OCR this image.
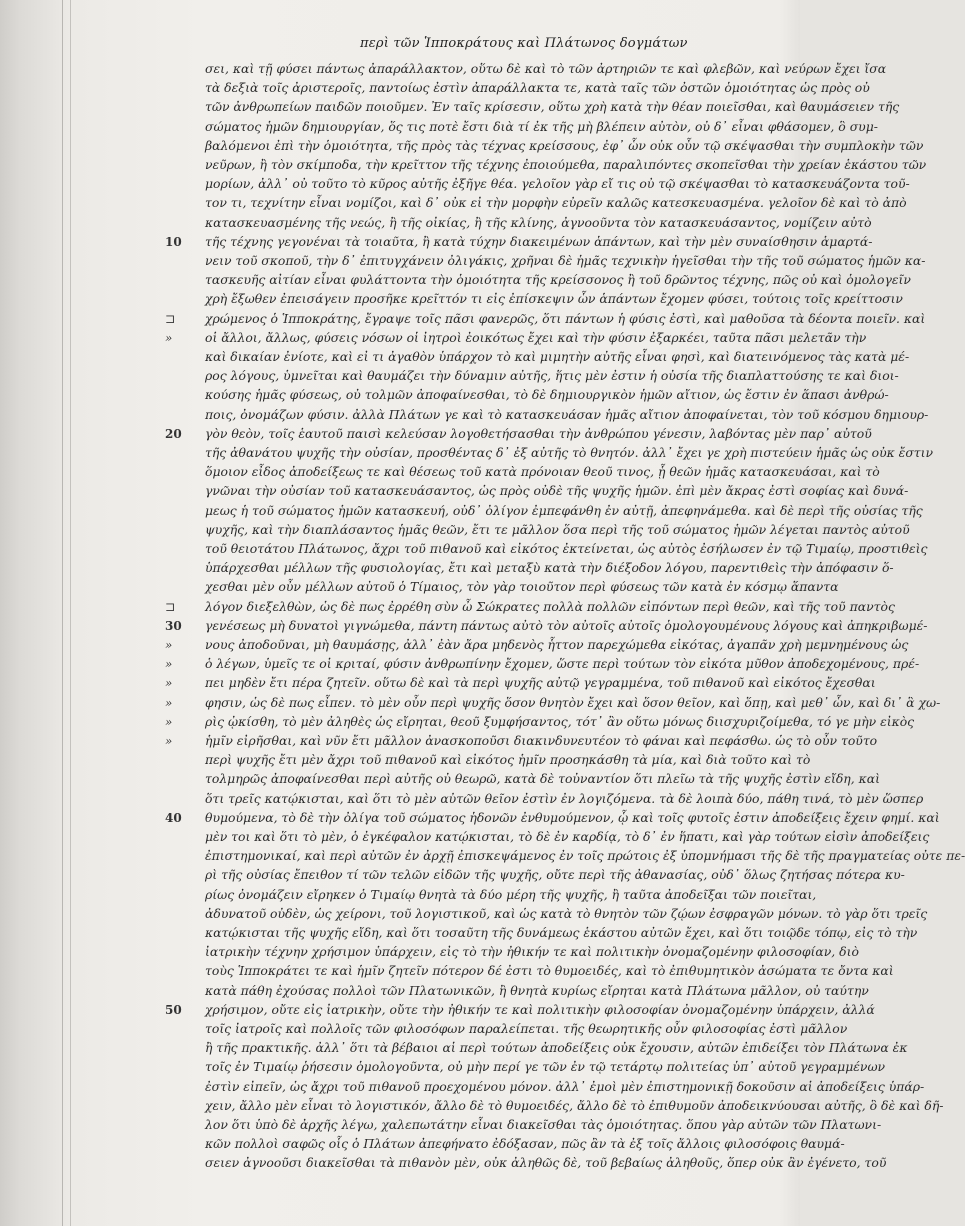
περὶ τῶν Ἱπποκράτους καὶ Πλάτωνος δογμάτων
σει, καὶ τῇ φύσει πάντως ἀπαράλλακτον, οὕτω δὲ καὶ τὸ τῶν ἀρτηριῶν τε καὶ φλεβῶν, καὶ νεύρων ἔχει ἴσα
τὰ δεξιὰ τοῖς ἀριστεροῖς, παντοίως ἐστὶν ἀπαράλλακτα τε, κατὰ ταῖς τῶν ὀστῶν ὁμοιότητας ὡς πρὸς οὐ
τῶν ἀνθρωπείων παιδῶν ποιοῦμεν. Ἐν ταῖς κρίσεσιν, οὕτω χρὴ κατὰ τὴν θέαν ποιεῖσθαι, καὶ θαυμάσειεν τῆς
σώματος ἡμῶν δημιουργίαν, ὅς τις ποτὲ ἔστι διὰ τί ἐκ τῆς μὴ βλέπειν αὐτὸν, οὐ δ᾽ εἶναι φθάσομεν, ὃ συμ-
βαλόμενοι ἐπὶ τὴν ὁμοιότητα, τῆς πρὸς τὰς τέχνας κρείσσους, ἐφ᾽ ὧν οὐκ οὖν τῷ σκέψασθαι τὴν συμπλοκὴν τῶν
νεῦρων, ἢ τὸν σκίμποδα, τὴν κρεῖττον τῆς τέχνης ἐποιούμεθα, παραλιπόντες σκοπεῖσθαι τὴν χρείαν ἑκάστου τῶν
μορίων, ἀλλ᾽ οὐ τοῦτο τὸ κῦρος αὐτῆς ἐξῆγε θέα. γελοῖον γὰρ εἴ τις οὐ τῷ σκέψασθαι τὸ κατασκευάζοντα τοῦ-
τον τι, τεχνίτην εἶναι νομίζοι, καὶ δ᾽ οὐκ εἰ τὴν μορφὴν εὐρεῖν καλῶς κατεσκευασμένα. γελοῖον δὲ καὶ τὸ ἀπὸ
κατασκευασμένης τῆς νεώς, ἢ τῆς οἰκίας, ἢ τῆς κλίνης, ἀγνοοῦντα τὸν κατασκευάσαντος, νομίζειν αὐτὸ
τῆς τέχνης γεγονέναι τὰ τοιαῦτα, ἢ κατὰ τύχην διακειμένων ἁπάντων, καὶ τὴν μὲν συναίσθησιν ἁμαρτά-
νειν τοῦ σκοποῦ, τὴν δ᾽ ἐπιτυγχάνειν ὀλιγάκις, χρῆναι δὲ ἡμᾶς τεχνικὴν ἡγεῖσθαι τὴν τῆς τοῦ σώματος ἡμῶν κα-
τασκευῆς αἰτίαν εἶναι φυλάττοντα τὴν ὁμοιότητα τῆς κρείσσονος ἢ τοῦ δρῶντος τέχνης, πῶς οὐ καὶ ὁμολογεῖν
χρὴ ἔξωθεν ἐπεισάγειν προσῆκε κρεῖττόν τι εἰς ἐπίσκεψιν ὧν ἁπάντων ἔχομεν φύσει, τούτοις τοῖς κρείττοσιν
χρώμενος ὁ Ἱπποκράτης, ἔγραψε τοῖς πᾶσι φανερῶς, ὅτι πάντων ἡ φύσις ἐστὶ, καὶ μαθοῦσα τὰ δέοντα ποιεῖν. καὶ
οἱ ἄλλοι, ἄλλως, φύσεις νόσων οἱ ἰητροὶ ἐοικότως ἔχει καὶ τὴν φύσιν ἐξαρκέει, ταῦτα πᾶσι μελετᾶν τὴν
καὶ δικαίαν ἐνίοτε, καὶ εἰ τι ἀγαθὸν ὑπάρχον τὸ καὶ μιμητὴν αὐτῆς εἶναι φησὶ, καὶ διατεινόμενος τὰς κατὰ μέ-
ρος λόγους, ὑμνεῖται καὶ θαυμάζει τὴν δύναμιν αὐτῆς, ἥτις μὲν ἐστιν ἡ οὐσία τῆς διαπλαττούσης τε καὶ διοι-
κούσης ἡμᾶς φύσεως, οὐ τολμῶν ἀποφαίνεσθαι, τὸ δὲ δημιουργικὸν ἡμῶν αἴτιον, ὡς ἔστιν ἐν ἅπασι ἀνθρώ-
ποις, ὀνομάζων φύσιν. ἀλλὰ Πλάτων γε καὶ τὸ κατασκευάσαν ἡμᾶς αἴτιον ἀποφαίνεται, τὸν τοῦ κόσμου δημιουρ-
γὸν θεὸν, τοῖς ἑαυτοῦ παισὶ κελεύσαν λογοθετήσασθαι τὴν ἀνθρώπου γένεσιν, λαβόντας μὲν παρ᾽ αὐτοῦ
τῆς ἀθανάτου ψυχῆς τὴν οὐσίαν, προσθέντας δ᾽ ἐξ αὐτῆς τὸ θνητόν. ἀλλ᾽ ἔχει γε χρὴ πιστεύειν ἡμᾶς ὡς οὐκ ἔστιν
ὅμοιον εἶδος ἀποδείξεως τε καὶ θέσεως τοῦ κατὰ πρόνοιαν θεοῦ τινος, ᾗ θεῶν ἡμᾶς κατασκευάσαι, καὶ τὸ
γνῶναι τὴν οὐσίαν τοῦ κατασκευάσαντος, ὡς πρὸς οὐδὲ τῆς ψυχῆς ἡμῶν. ἐπὶ μὲν ἄκρας ἐστὶ σοφίας καὶ δυνά-
μεως ἡ τοῦ σώματος ἡμῶν κατασκευή, οὐδ᾽ ὀλίγον ἐμπεφάνθη ἐν αὐτῇ, ἀπεφηνάμεθα. καὶ δὲ περὶ τῆς οὐσίας τῆς
ψυχῆς, καὶ τὴν διαπλάσαντος ἡμᾶς θεῶν, ἔτι τε μᾶλλον ὅσα περὶ τῆς τοῦ σώματος ἡμῶν λέγεται παντὸς αὐτοῦ
τοῦ θειοτάτου Πλάτωνος, ἄχρι τοῦ πιθανοῦ καὶ εἰκότος ἐκτείνεται, ὡς αὐτὸς ἐσήλωσεν ἐν τῷ Τιμαίῳ, προστιθεὶς
ὑπάρχεσθαι μέλλων τῆς φυσιολογίας, ἔτι καὶ μεταξὺ κατὰ τὴν διέξοδον λόγου, παρεντιθεὶς τὴν ἀπόφασιν ὅ-
χεσθαι μὲν οὖν μέλλων αὐτοῦ ὁ Τίμαιος, τὸν γὰρ τοιοῦτον περὶ φύσεως τῶν κατὰ ἐν κόσμῳ ἅπαντα
λόγον διεξελθὼν, ὡς δὲ πως ἐρρέθη σὺν ὦ Σώκρατες πολλὰ πολλῶν εἰπόντων περὶ θεῶν, καὶ τῆς τοῦ παντὸς
γενέσεως μὴ δυνατοὶ γιγνώμεθα, πάντη πάντως αὐτὸ τὸν αὐτοῖς αὐτοῖς ὁμολογουμένους λόγους καὶ ἀπηκριβωμέ-
νους ἀποδοῦναι, μὴ θαυμάσῃς, ἀλλ᾽ ἐὰν ἄρα μηδενὸς ἧττον παρεχώμεθα εἰκότας, ἀγαπᾶν χρὴ μεμνημένους ὡς
ὁ λέγων, ὑμεῖς τε οἱ κριταί, φύσιν ἀνθρωπίνην ἔχομεν, ὥστε περὶ τούτων τὸν εἰκότα μῦθον ἀποδεχομένους, πρέ-
πει μηδὲν ἔτι πέρα ζητεῖν. οὕτω δὲ καὶ τὰ περὶ ψυχῆς αὐτῷ γεγραμμένα, τοῦ πιθανοῦ καὶ εἰκότος ἔχεσθαι
φησιν, ὡς δὲ πως εἶπεν. τὸ μὲν οὖν περὶ ψυχῆς ὅσον θνητὸν ἔχει καὶ ὅσον θεῖον, καὶ ὅπῃ, καὶ μεθ᾽ ὧν, καὶ δι᾽ ἃ χω-
ρὶς ᾠκίσθη, τὸ μὲν ἀληθὲς ὡς εἴρηται, θεοῦ ξυμφήσαντος, τότ᾽ ἂν οὕτω μόνως διισχυριζοίμεθα, τό γε μὴν εἰκὸς
ἡμῖν εἰρῆσθαι, καὶ νῦν ἔτι μᾶλλον ἀνασκοποῦσι διακινδυνευτέον τὸ φάναι καὶ πεφάσθω. ὡς τὸ οὖν τοῦτο
περὶ ψυχῆς ἔτι μὲν ἄχρι τοῦ πιθανοῦ καὶ εἰκότος ἡμῖν προσηκάσθη τὰ μία, καὶ διὰ τοῦτο καὶ τὸ
τολμηρῶς ἀποφαίνεσθαι περὶ αὐτῆς οὐ θεωρῶ, κατὰ δὲ τοὐναντίον ὅτι πλεῖω τὰ τῆς ψυχῆς ἐστὶν εἴδη, καὶ
ὅτι τρεῖς κατῴκισται, καὶ ὅτι τὸ μὲν αὐτῶν θεῖον ἐστὶν ἐν λογιζόμενα. τὰ δὲ λοιπὰ δύο, πάθη τινά, τὸ μὲν ὥσπερ
θυμούμενα, τὸ δὲ τὴν ὀλίγα τοῦ σώματος ἡδονῶν ἐνθυμούμενον, ᾧ καὶ τοῖς φυτοῖς ἐστιν ἀποδείξεις ἔχειν φημί. καὶ
μὲν τοι καὶ ὅτι τὸ μὲν, ὁ ἐγκέφαλον κατῴκισται, τὸ δὲ ἐν καρδίᾳ, τὸ δ᾽ ἐν ἥπατι, καὶ γὰρ τούτων εἰσὶν ἀποδείξεις
ἐπιστημονικαί, καὶ περὶ αὐτῶν ἐν ἀρχῇ ἐπισκεψάμενος ἐν τοῖς πρώτοις ἐξ ὑπομνήμασι τῆς δὲ τῆς πραγματείας οὐτε πε-
ρὶ τῆς οὐσίας ἔπειθον τί τῶν τελῶν εἰδῶν τῆς ψυχῆς, οὔτε περὶ τῆς ἀθανασίας, οὐδ᾽ ὅλως ζητήσας πότερα κυ-
ρίως ὀνομάζειν εἴρηκεν ὁ Τιμαίῳ θνητὰ τὰ δύο μέρη τῆς ψυχῆς, ἢ ταῦτα ἀποδεῖξαι τῶν ποιεῖται,
ἀδυνατοῦ οὐδὲν, ὡς χείρονι, τοῦ λογιστικοῦ, καὶ ὡς κατὰ τὸ θνητὸν τῶν ζῴων ἐσφραγῶν μόνων. τὸ γὰρ ὅτι τρεῖς
κατῴκισται τῆς ψυχῆς εἴδη, καὶ ὅτι τοσαῦτη τῆς δυνάμεως ἑκάστου αὐτῶν ἔχει, καὶ ὅτι τοιῷδε τόπῳ, εἰς τὸ τὴν
ἰατρικὴν τέχνην χρήσιμον ὑπάρχειν, εἰς τὸ τὴν ἠθικήν τε καὶ πολιτικὴν ὀνομαζομένην φιλοσοφίαν, διὸ
τοὺς Ἱπποκράτει τε καὶ ἡμῖν ζητεῖν πότερον δέ ἐστι τὸ θυμοειδές, καὶ τὸ ἐπιθυμητικὸν ἀσώματα τε ὄντα καὶ
κατὰ πάθη ἐχούσας πολλοὶ τῶν Πλατωνικῶν, ἢ θνητὰ κυρίως εἴρηται κατὰ Πλάτωνα μᾶλλον, οὐ ταύτην
χρήσιμον, οὔτε εἰς ἰατρικὴν, οὔτε τὴν ἠθικήν τε καὶ πολιτικὴν φιλοσοφίαν ὀνομαζομένην ὑπάρχειν, ἀλλά
τοῖς ἰατροῖς καὶ πολλοῖς τῶν φιλοσόφων παραλείπεται. τῆς θεωρητικῆς οὖν φιλοσοφίας ἐστὶ μᾶλλον
ἢ τῆς πρακτικῆς. ἀλλ᾽ ὅτι τὰ βέβαιοι αἱ περὶ τούτων ἀποδείξεις οὐκ ἔχουσιν, αὐτῶν ἐπιδείξει τὸν Πλάτωνα ἐκ
τοῖς ἐν Τιμαίῳ ῥήσεσιν ὁμολογοῦντα, οὐ μὴν περί γε τῶν ἐν τῷ τετάρτῳ πολιτείας ὑπ᾽ αὐτοῦ γεγραμμένων
ἐστὶν εἰπεῖν, ὡς ἄχρι τοῦ πιθανοῦ προεχομένου μόνον. ἀλλ᾽ ἐμοὶ μὲν ἐπιστημονικῇ δοκοῦσιν αἱ ἀποδείξεις ὑπάρ-
χειν, ἄλλο μὲν εἶναι τὸ λογιστικόν, ἄλλο δὲ τὸ θυμοειδές, ἄλλο δὲ τὸ ἐπιθυμοῦν ἀποδεικνύουσαι αὐτῆς, ὃ δὲ καὶ δῆ-
λον ὅτι ὑπὸ δὲ ἀρχῆς λέγω, χαλεπωτάτην εἶναι διακεῖσθαι τὰς ὁμοιότητας. ὅπου γὰρ αὐτῶν τῶν Πλατωνι-
κῶν πολλοὶ σαφῶς οἷς ὁ Πλάτων ἀπεφήνατο ἐδόξασαν, πῶς ἂν τὰ ἐξ τοῖς ἄλλοις φιλοσόφοις θαυμά-
σειεν ἀγνοοῦσι διακεῖσθαι τὰ πιθανὸν μὲν, οὐκ ἀληθῶς δὲ, τοῦ βεβαίως ἀληθοῦς, ὅπερ οὐκ ἂν ἐγένετο, τοῦ
10
⊐
»
20
⊐
30
»
»
»
»
»
»
40
50
